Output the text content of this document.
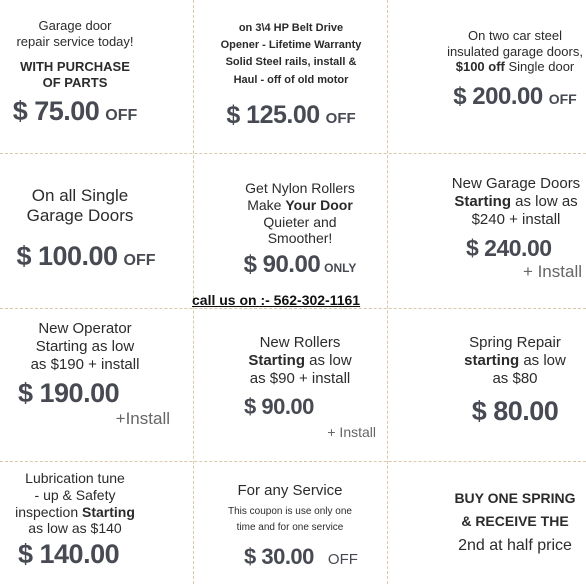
Garage door
repair service today!
WITH PURCHASE
OF PARTS
$ 75.00 OFF
on 3\4 HP Belt Drive
Opener - Lifetime Warranty
Solid Steel rails, install &
Haul - off of old motor
$ 125.00 OFF
On two car steel
insulated garage doors,
$100 off Single door
$ 200.00 OFF
On all Single
Garage Doors
$ 100.00 OFF
Get Nylon Rollers
Make Your Door
Quieter and
Smoother!
$ 90.00 ONLY
New Garage Doors
Starting as low as
$240 + install
$ 240.00
+ Install
call us on :- 562-302-1161
New Operator
Starting as low
as $190 + install
$ 190.00
+Install
New Rollers
Starting as low
as $90 + install
$ 90.00
+ Install
Spring Repair
starting as low
as $80
$ 80.00
Lubrication tune
- up & Safety
inspection Starting
as low as $140
$ 140.00
For any Service
This coupon is use only one
time and for one service
$ 30.00 OFF
BUY ONE SPRING
& RECEIVE THE
2nd at half price
